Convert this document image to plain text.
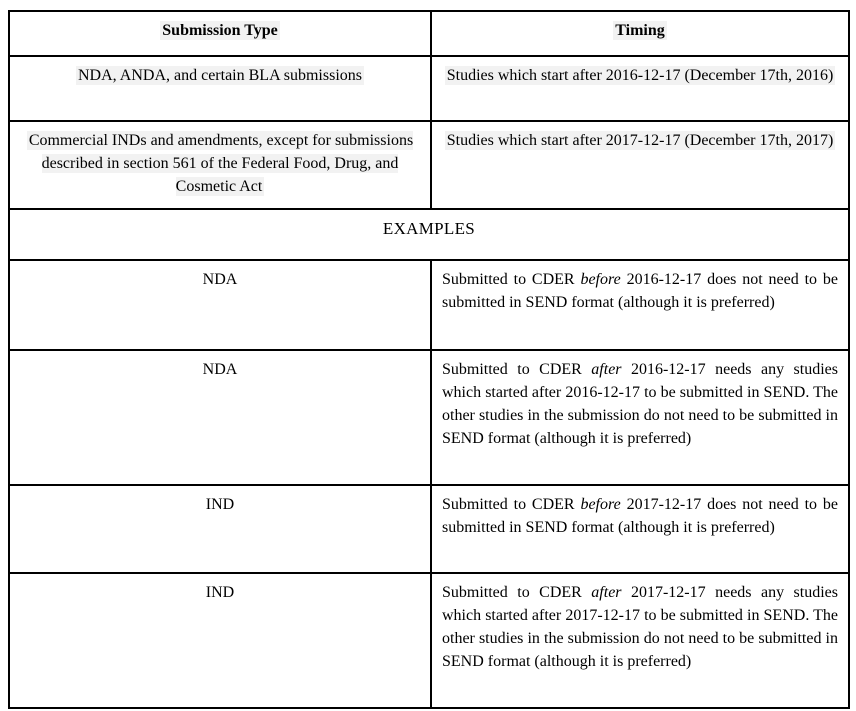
Submission Type	Timing
NDA, ANDA, and certain BLA submissions	Studies which start after 2016-12-17 (December 17th, 2016)
Commercial INDs and amendments, except for submissions described in section 561 of the Federal Food, Drug, and Cosmetic Act	Studies which start after 2017-12-17 (December 17th, 2017)
EXAMPLES	
NDA	Submitted to CDER before 2016-12-17 does not need to be submitted in SEND format (although it is preferred)

NDA	Submitted to CDER after 2016-12-17 needs any studies which started after 2016-12-17 to be submitted in SEND. The other studies in the submission do not need to be submitted in SEND format (although it is preferred)

IND	Submitted to CDER before 2017-12-17 does not need to be submitted in SEND format (although it is preferred)

IND	Submitted to CDER after 2017-12-17 needs any studies which started after 2017-12-17 to be submitted in SEND. The other studies in the submission do not need to be submitted in SEND format (although it is preferred)
